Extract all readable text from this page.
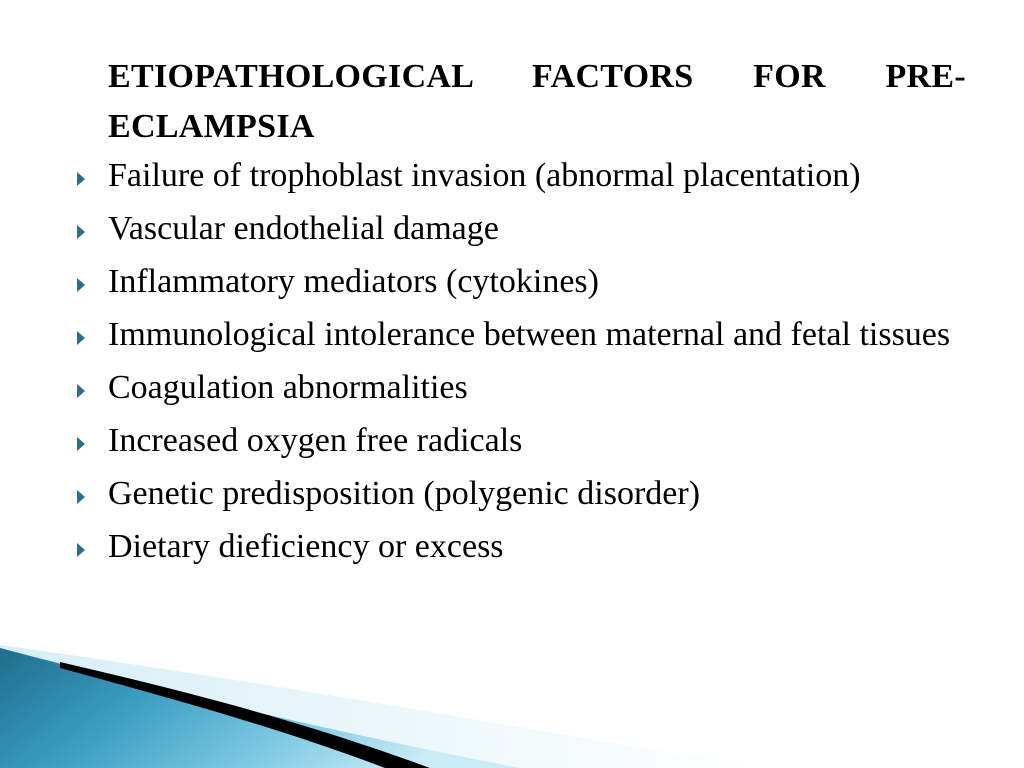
ETIOPATHOLOGICAL FACTORS FOR PRE-ECLAMPSIA
Failure of trophoblast invasion (abnormal placentation)
Vascular endothelial damage
Inflammatory mediators (cytokines)
Immunological intolerance between maternal and fetal tissues
Coagulation abnormalities
Increased oxygen free radicals
Genetic predisposition (polygenic disorder)
Dietary dieficiency or excess
